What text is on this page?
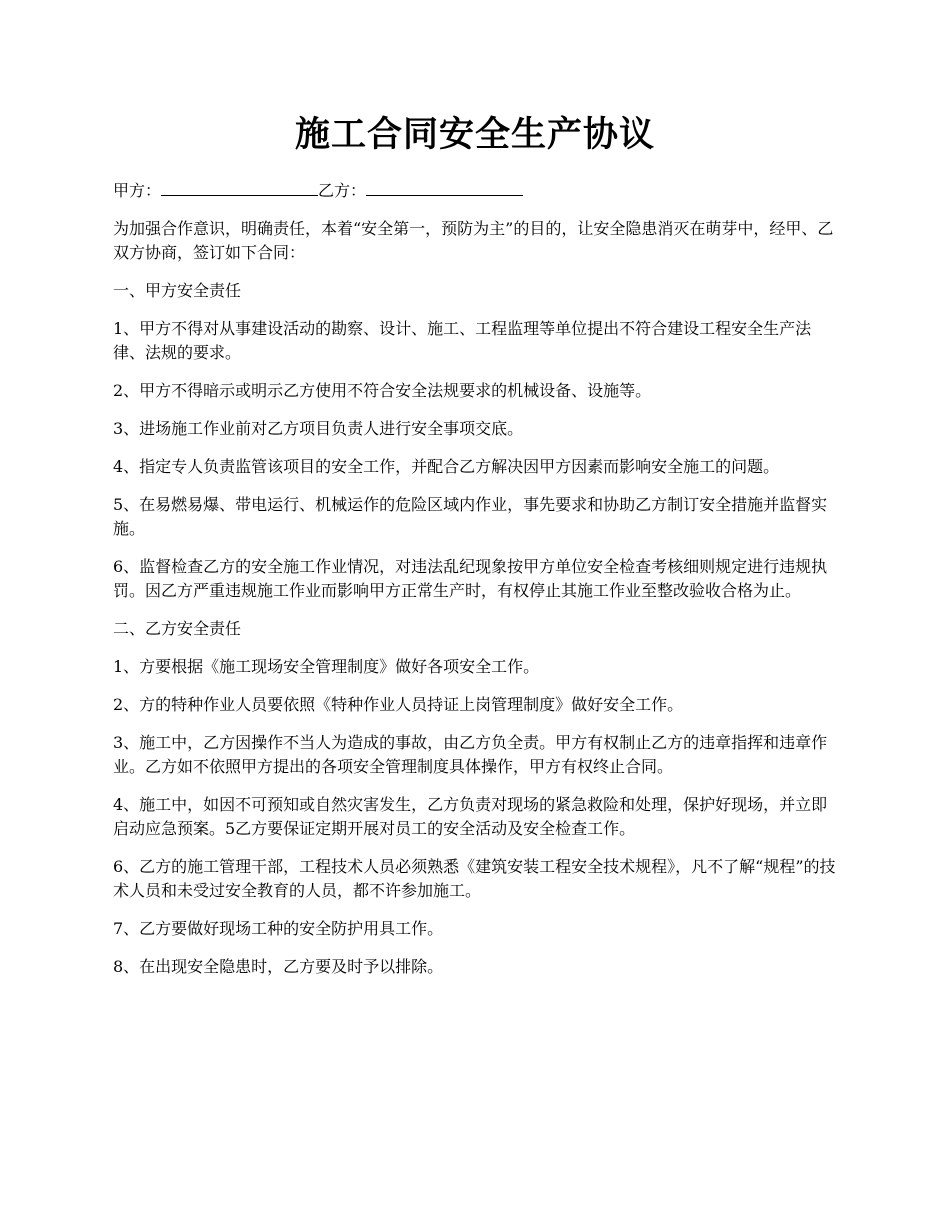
施工合同安全生产协议

甲方：	乙方：

为加强合作意识，明确责任，本着“安全第一，预防为主”的目的，让安全隐患消灭在萌芽中，经甲、乙双方协商，签订如下合同：

一、甲方安全责任

1、甲方不得对从事建设活动的勘察、设计、施工、工程监理等单位提出不符合建设工程安全生产法律、法规的要求。

2、甲方不得暗示或明示乙方使用不符合安全法规要求的机械设备、设施等。

3、进场施工作业前对乙方项目负责人进行安全事项交底。

4、指定专人负责监管该项目的安全工作，并配合乙方解决因甲方因素而影响安全施工的问题。

5、在易燃易爆、带电运行、机械运作的危险区域内作业，事先要求和协助乙方制订安全措施并监督实施。

6、监督检查乙方的安全施工作业情况，对违法乱纪现象按甲方单位安全检查考核细则规定进行违规执罚。因乙方严重违规施工作业而影响甲方正常生产时，有权停止其施工作业至整改验收合格为止。

二、乙方安全责任

1、方要根据《施工现场安全管理制度》做好各项安全工作。

2、方的特种作业人员要依照《特种作业人员持证上岗管理制度》做好安全工作。

3、施工中，乙方因操作不当人为造成的事故，由乙方负全责。甲方有权制止乙方的违章指挥和违章作业。乙方如不依照甲方提出的各项安全管理制度具体操作，甲方有权终止合同。

4、施工中，如因不可预知或自然灾害发生，乙方负责对现场的紧急救险和处理，保护好现场，并立即启动应急预案。5乙方要保证定期开展对员工的安全活动及安全检查工作。

6、乙方的施工管理干部，工程技术人员必须熟悉《建筑安装工程安全技术规程》，凡不了解“规程”的技术人员和未受过安全教育的人员，都不许参加施工。

7、乙方要做好现场工种的安全防护用具工作。

8、在出现安全隐患时，乙方要及时予以排除。
